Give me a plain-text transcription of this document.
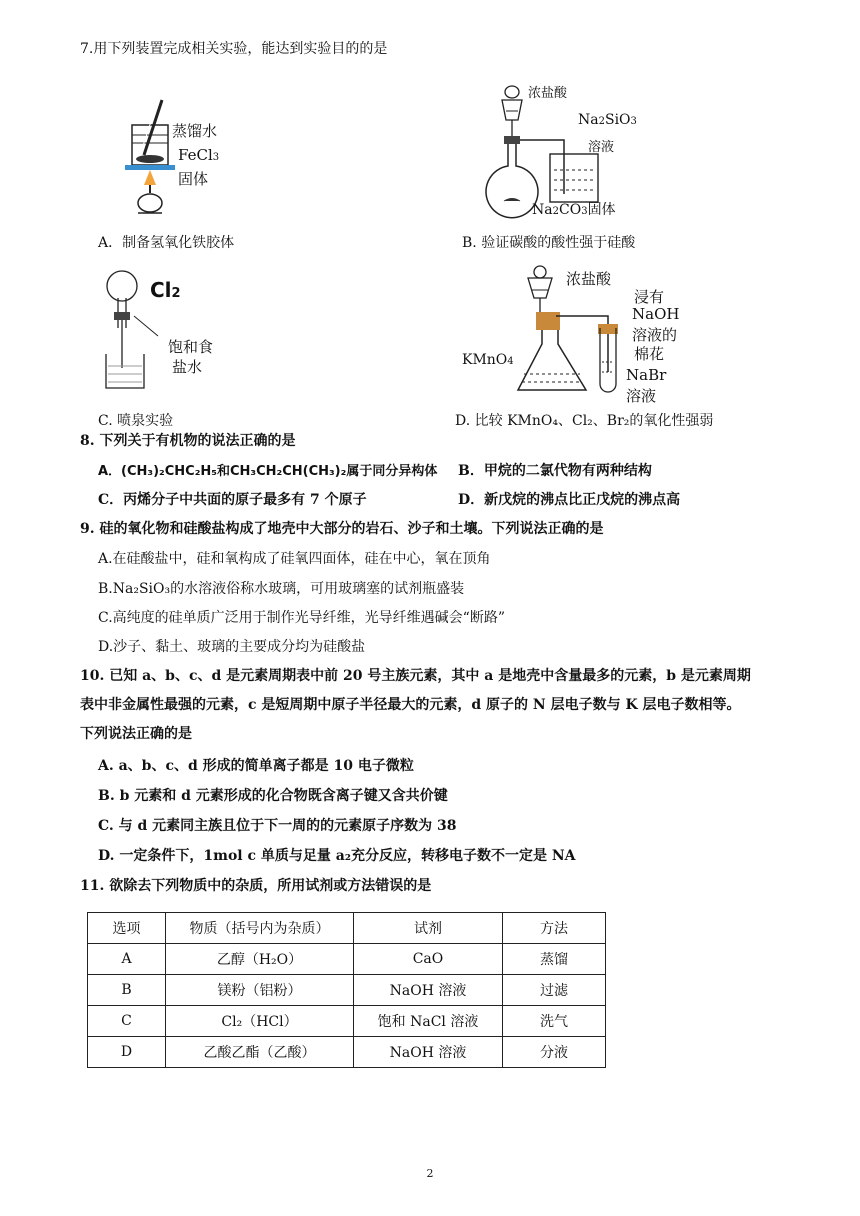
7.用下列装置完成相关实验，能达到实验目的的是
蒸馏水
FeCl3
固体
浓盐酸
Na2SiO3
溶液
Na2CO3固体
A．制备氢氧化铁胶体	B. 验证碳酸的酸性强于硅酸
Cl2
饱和食
盐水
浓盐酸
浸有
NaOH
溶液的
棉花
KMnO4
NaBr
溶液
C. 喷泉实验	D. 比较 KMnO₄、Cl₂、Br₂的氧化性强弱
8. 下列关于有机物的说法正确的是
A．(CH₃)₂CHC₂H₅和CH₃CH₂CH(CH₃)₂属于同分异构体 B．甲烷的二氯代物有两种结构
C．丙烯分子中共面的原子最多有 7 个原子	D．新戊烷的沸点比正戊烷的沸点高
9. 硅的氧化物和硅酸盐构成了地壳中大部分的岩石、沙子和土壤。下列说法正确的是
A.在硅酸盐中，硅和氧构成了硅氧四面体，硅在中心，氧在顶角
B.Na₂SiO₃的水溶液俗称水玻璃，可用玻璃塞的试剂瓶盛装
C.高纯度的硅单质广泛用于制作光导纤维，光导纤维遇碱会“断路”
D.沙子、黏土、玻璃的主要成分均为硅酸盐
10. 已知 a、b、c、d 是元素周期表中前 20 号主族元素，其中 a 是地壳中含量最多的元素，b 是元素周期
表中非金属性最强的元素，c 是短周期中原子半径最大的元素，d 原子的 N 层电子数与 K 层电子数相等。
下列说法正确的是
A. a、b、c、d 形成的简单离子都是 10 电子微粒
B. b 元素和 d 元素形成的化合物既含离子键又含共价键
C. 与 d 元素同主族且位于下一周的的元素原子序数为 38
D. 一定条件下，1mol c 单质与足量 a₂充分反应，转移电子数不一定是 NA
11. 欲除去下列物质中的杂质，所用试剂或方法错误的是
选项	物质（括号内为杂质）	试剂	方法
A	乙醇（H₂O）	CaO	蒸馏
B	镁粉（铝粉）	NaOH 溶液	过滤
C	Cl₂（HCl）	饱和 NaCl 溶液	洗气
D	乙酸乙酯（乙酸）	NaOH 溶液	分液
2
